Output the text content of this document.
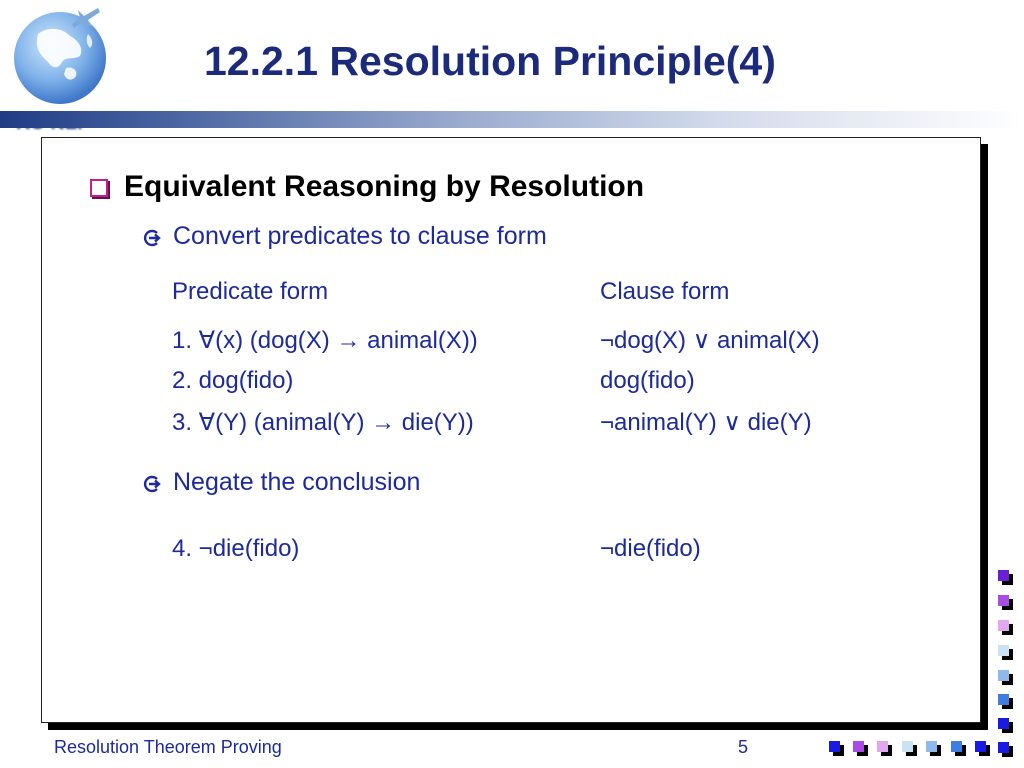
12.2.1 Resolution Principle(4)
Equivalent Reasoning by Resolution
Convert predicates to clause form
Predicate form	Clause form
1. ∀(x) (dog(X) → animal(X))	¬dog(X) ∨ animal(X)
2. dog(fido)	dog(fido)
3. ∀(Y) (animal(Y) → die(Y))	¬animal(Y) ∨ die(Y)
Negate the conclusion
4. ¬die(fido)	¬die(fido)
Resolution Theorem Proving	5
